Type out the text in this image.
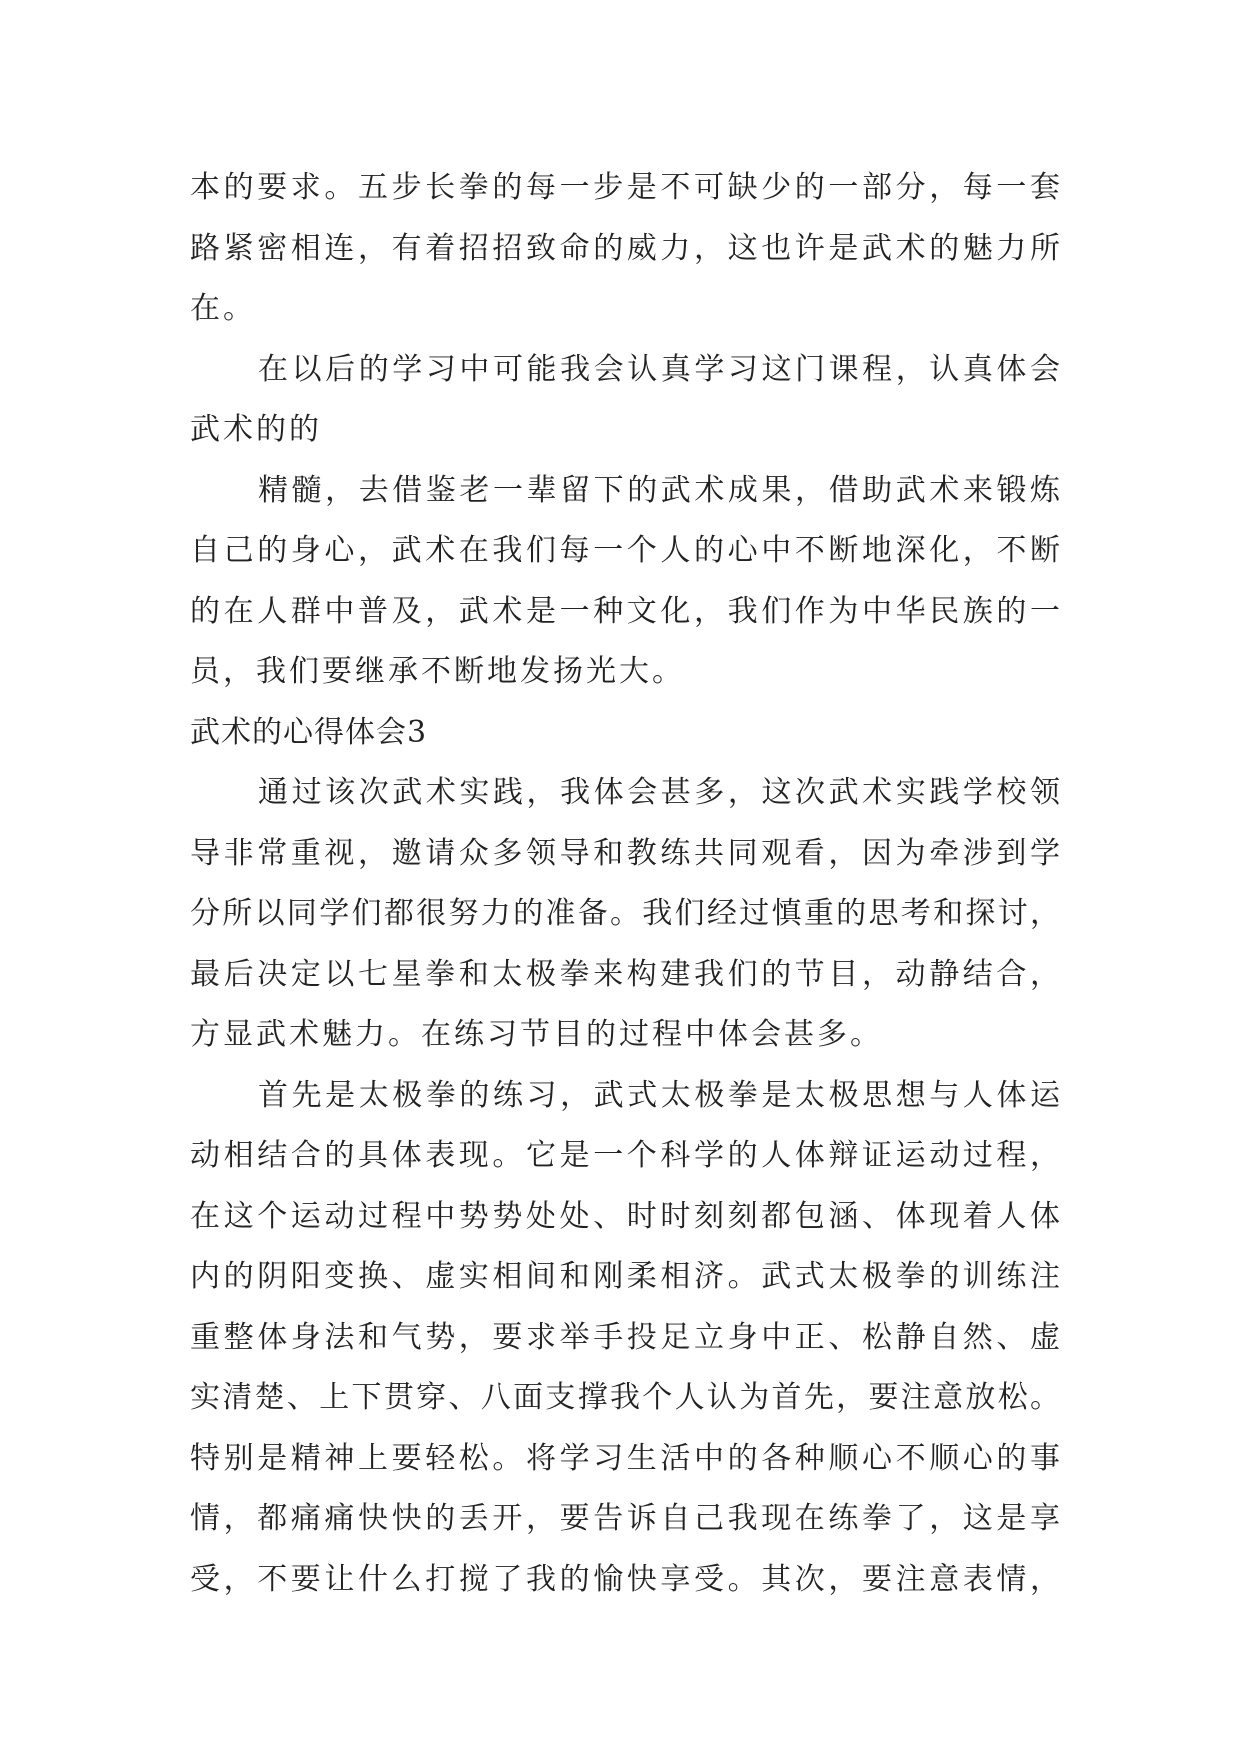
本的要求。五步长拳的每一步是不可缺少的一部分，每一套
路紧密相连，有着招招致命的威力，这也许是武术的魅力所
在。
在以后的学习中可能我会认真学习这门课程，认真体会
武术的的
精髓，去借鉴老一辈留下的武术成果，借助武术来锻炼
自己的身心，武术在我们每一个人的心中不断地深化，不断
的在人群中普及，武术是一种文化，我们作为中华民族的一
员，我们要继承不断地发扬光大。
武术的心得体会3
通过该次武术实践，我体会甚多，这次武术实践学校领
导非常重视，邀请众多领导和教练共同观看，因为牵涉到学
分所以同学们都很努力的准备。我们经过慎重的思考和探讨，
最后决定以七星拳和太极拳来构建我们的节目，动静结合，
方显武术魅力。在练习节目的过程中体会甚多。
首先是太极拳的练习，武式太极拳是太极思想与人体运
动相结合的具体表现。它是一个科学的人体辩证运动过程，
在这个运动过程中势势处处、时时刻刻都包涵、体现着人体
内的阴阳变换、虚实相间和刚柔相济。武式太极拳的训练注
重整体身法和气势，要求举手投足立身中正、松静自然、虚
实清楚、上下贯穿、八面支撑我个人认为首先，要注意放松。
特别是精神上要轻松。将学习生活中的各种顺心不顺心的事
情，都痛痛快快的丢开，要告诉自己我现在练拳了，这是享
受，不要让什么打搅了我的愉快享受。其次，要注意表情，
